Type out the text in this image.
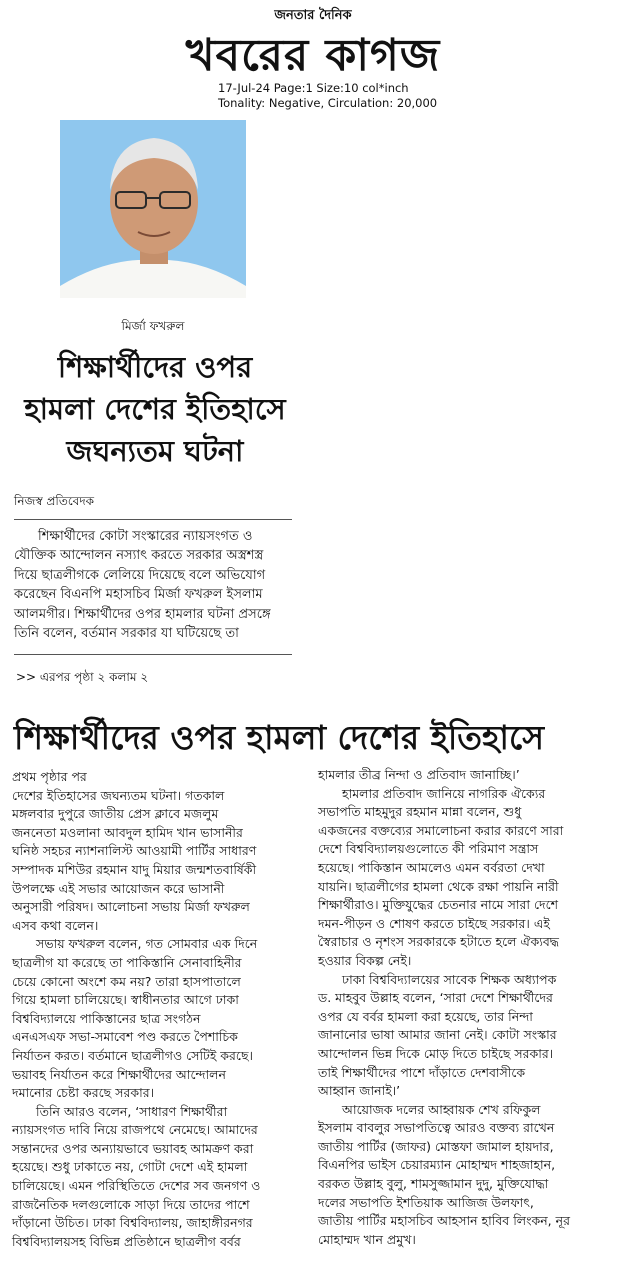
জনতার দৈনিক
খবরের কাগজ
17-Jul-24 Page:1 Size:10 col*inch
Tonality: Negative, Circulation: 20,000
মির্জা ফখরুল
শিক্ষার্থীদের ওপর
হামলা দেশের ইতিহাসে
জঘন্যতম ঘটনা
নিজস্ব প্রতিবেদক
শিক্ষার্থীদের কোটা সংস্কারের ন্যায়সংগত ও
যৌক্তিক আন্দোলন নস্যাৎ করতে সরকার অস্ত্রশস্ত্র
দিয়ে ছাত্রলীগকে লেলিয়ে দিয়েছে বলে অভিযোগ
করেছেন বিএনপি মহাসচিব মির্জা ফখরুল ইসলাম
আলমগীর। শিক্ষার্থীদের ওপর হামলার ঘটনা প্রসঙ্গে
তিনি বলেন, বর্তমান সরকার যা ঘটিয়েছে তা
>> এরপর পৃষ্ঠা ২ কলাম ২
শিক্ষার্থীদের ওপর হামলা দেশের ইতিহাসে

প্রথম পৃষ্ঠার পর

দেশের ইতিহাসের জঘন্যতম ঘটনা। গতকাল

মঙ্গলবার দুপুরে জাতীয় প্রেস ক্লাবে মজলুম

জননেতা মওলানা আবদুল হামিদ খান ভাসানীর

ঘনিষ্ঠ সহচর ন্যাশনালিস্ট আওয়ামী পার্টির সাধারণ

সম্পাদক মশিউর রহমান যাদু মিয়ার জন্মশতবার্ষিকী

উপলক্ষে এই সভার আয়োজন করে ভাসানী

অনুসারী পরিষদ। আলোচনা সভায় মির্জা ফখরুল

এসব কথা বলেন।

সভায় ফখরুল বলেন, গত সোমবার এক দিনে

ছাত্রলীগ যা করেছে তা পাকিস্তানি সেনাবাহিনীর

চেয়ে কোনো অংশে কম নয়? তারা হাসপাতালে

গিয়ে হামলা চালিয়েছে। স্বাধীনতার আগে ঢাকা

বিশ্ববিদ্যালয়ে পাকিস্তানের ছাত্র সংগঠন

এনএসএফ সভা-সমাবেশ পণ্ড করতে পৈশাচিক

নির্যাতন করত। বর্তমানে ছাত্রলীগও সেটিই করছে।

ভয়াবহ নির্যাতন করে শিক্ষার্থীদের আন্দোলন

দমানোর চেষ্টা করছে সরকার।

তিনি আরও বলেন, ‘সাধারণ শিক্ষার্থীরা

ন্যায়সংগত দাবি নিয়ে রাজপথে নেমেছে। আমাদের

সন্তানদের ওপর অন্যায়ভাবে ভয়াবহ আমক্রণ করা

হয়েছে। শুধু ঢাকাতে নয়, গোটা দেশে এই হামলা

চালিয়েছে। এমন পরিস্থিতিতে দেশের সব জনগণ ও

রাজনৈতিক দলগুলোকে সাড়া দিয়ে তাদের পাশে

দাঁড়ানো উচিত। ঢাকা বিশ্ববিদ্যালয়, জাহাঙ্গীরনগর

বিশ্ববিদ্যালয়সহ বিভিন্ন প্রতিষ্ঠানে ছাত্রলীগ বর্বর

হামলার তীব্র নিন্দা ও প্রতিবাদ জানাচ্ছি।’

হামলার প্রতিবাদ জানিয়ে নাগরিক ঐক্যের

সভাপতি মাহমুদুর রহমান মান্না বলেন, শুধু

একজনের বক্তব্যের সমালোচনা করার কারণে সারা

দেশে বিশ্ববিদ্যালয়গুলোতে কী পরিমাণ সন্ত্রাস

হয়েছে। পাকিস্তান আমলেও এমন বর্বরতা দেখা

যায়নি। ছাত্রলীগের হামলা থেকে রক্ষা পায়নি নারী

শিক্ষার্থীরাও। মুক্তিযুদ্ধের চেতনার নামে সারা দেশে

দমন-পীড়ন ও শোষণ করতে চাইছে সরকার। এই

স্বৈরাচার ও নৃশংস সরকারকে হটাতে হলে ঐক্যবদ্ধ

হওয়ার বিকল্প নেই।

ঢাকা বিশ্ববিদ্যালয়ের সাবেক শিক্ষক অধ্যাপক

ড. মাহবুব উল্লাহ বলেন, ‘সারা দেশে শিক্ষার্থীদের

ওপর যে বর্বর হামলা করা হয়েছে, তার নিন্দা

জানানোর ভাষা আমার জানা নেই। কোটা সংস্কার

আন্দোলন ভিন্ন দিকে মোড় দিতে চাইছে সরকার।

তাই শিক্ষার্থীদের পাশে দাঁড়াতে দেশবাসীকে

আহ্বান জানাই।’

আয়োজক দলের আহ্বায়ক শেখ রফিকুল

ইসলাম বাবলুর সভাপতিত্বে আরও বক্তব্য রাখেন

জাতীয় পার্টির (জাফর) মোস্তফা জামাল হায়দার,

বিএনপির ভাইস চেয়ারম্যান মোহাম্মদ শাহজাহান,

বরকত উল্লাহ বুলু, শামসুজ্জামান দুদু, মুক্তিযোদ্ধা

দলের সভাপতি ইশতিয়াক আজিজ উলফাৎ,

জাতীয় পার্টির মহাসচিব আহসান হাবিব লিংকন, নূর

মোহাম্মদ খান প্রমুখ।
